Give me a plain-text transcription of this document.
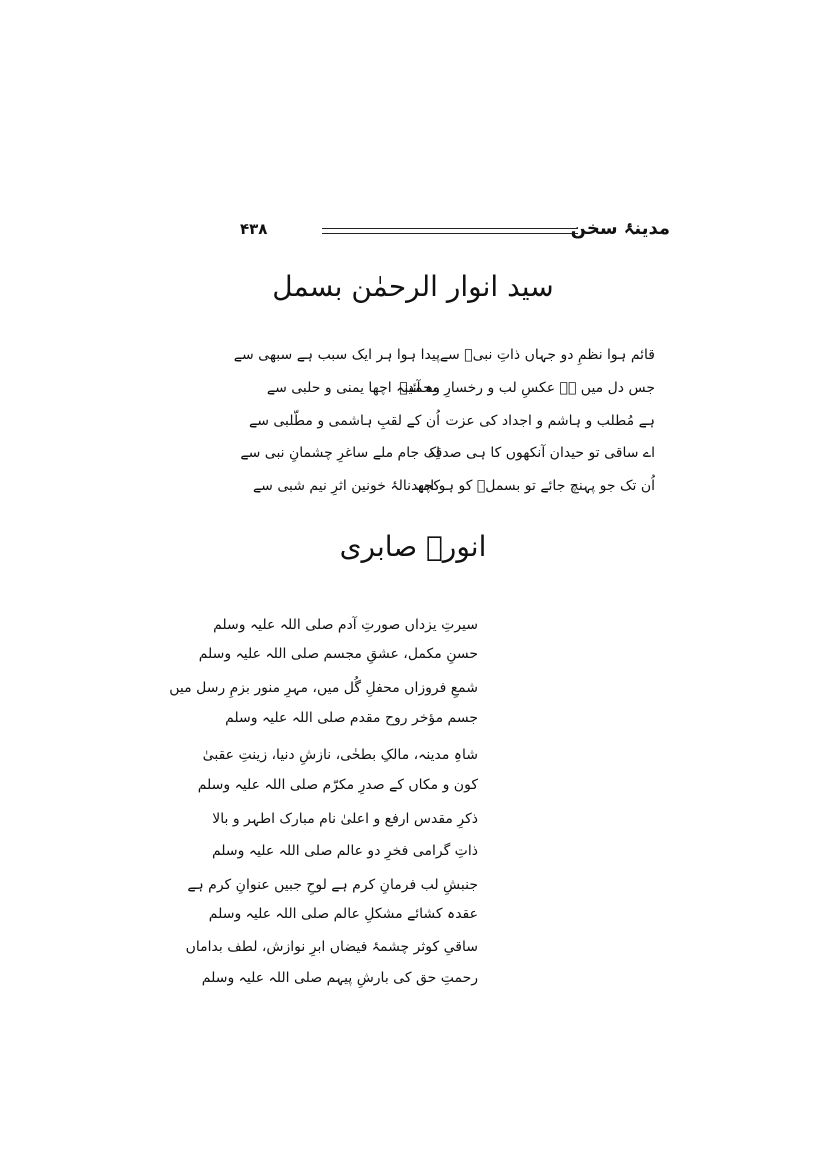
مدینۂ سخن
۴۳۸
سید انوار الرحمٰن بسمل
قائم ہوا نظمِ دو جہاں ذاتِ نبیؐ سے
پیدا ہوا ہر ایک سبب ہے سبھی سے
جس دل میں ہے عکسِ لب و رخسارِ محمدؐ
وہ آئینہ اچھا یمنی و حلبی سے
ہے مُطلب و ہاشم و اجداد کی عزت
اُن کے لقبِ ہاشمی و مطّلبی سے
اے ساقی تو حیدان آنکھوں کا ہی صدقہ
اِک جام ملے ساغرِ چشمانِ نبی سے
اُن تک جو پہنچ جائے تو بسملؔ کو ہو امید
کچھ نالۂ خونین اثرِ نیم شبی سے
انورؔ صابری
سیرتِ یزداں صورتِ آدم صلی اللہ علیہ وسلم
حسنِ مکمل، عشقِ مجسم صلی اللہ علیہ وسلم
شمعِ فروزاں محفلِ گُل میں، مہرِ منور بزمِ رسل میں
جسم مؤخر روح مقدم صلی اللہ علیہ وسلم
شاہِ مدینہ، مالکِ بطحٰی، نازشِ دنیا، زینتِ عقبیٰ
کون و مکاں کے صدرِ مکرّم صلی اللہ علیہ وسلم
ذکرِ مقدس ارفع و اعلیٰ نام مبارک اطہر و بالا
ذاتِ گرامی فخرِ دو عالم صلی اللہ علیہ وسلم
جنبشِ لب فرمانِ کرم ہے لوحِ جبیں عنوانِ کرم ہے
عقدہ کشائے مشکلِ عالم صلی اللہ علیہ وسلم
ساقیِ کوثر چشمۂ فیضاں ابرِ نوازش، لطف بداماں
رحمتِ حق کی بارشِ پیہم صلی اللہ علیہ وسلم
